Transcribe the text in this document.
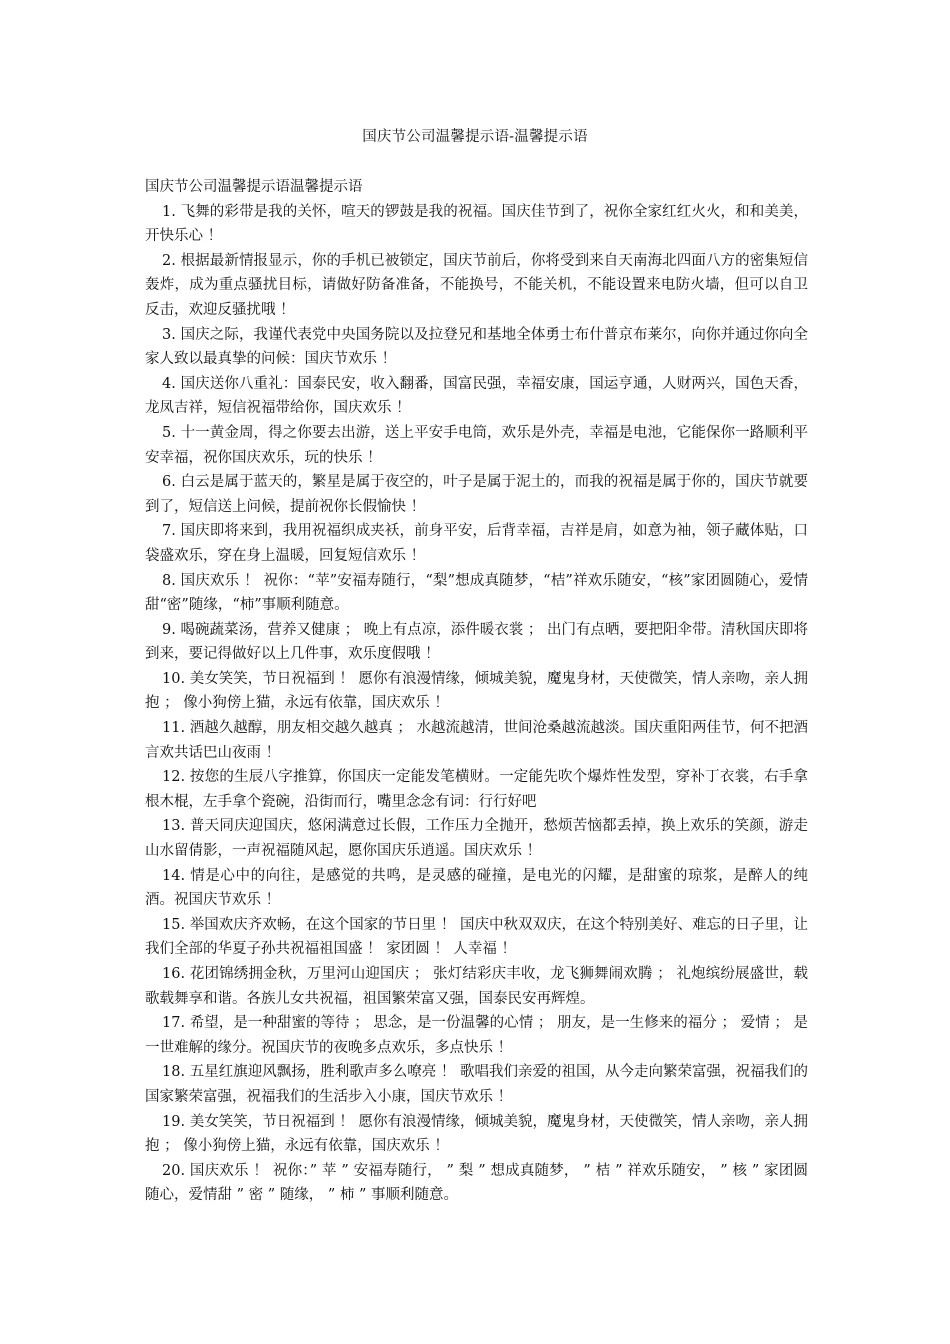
国庆节公司温馨提示语-温馨提示语

国庆节公司温馨提示语温馨提示语

1. 飞舞的彩带是我的关怀，喧天的锣鼓是我的祝福。国庆佳节到了，祝你全家红红火火，和和美美，开快乐心 ！

2. 根据最新情报显示，你的手机已被锁定，国庆节前后，你将受到来自天南海北四面八方的密集短信轰炸，成为重点骚扰目标，请做好防备准备，不能换号，不能关机，不能设置来电防火墙，但可以自卫反击，欢迎反骚扰哦 ！

3. 国庆之际，我谨代表党中央国务院以及拉登兄和基地全体勇士布什普京布莱尔，向你并通过你向全家人致以最真挚的问候：国庆节欢乐 ！

4. 国庆送你八重礼：国泰民安，收入翻番，国富民强，幸福安康，国运亨通，人财两兴，国色天香，龙凤吉祥，短信祝福带给你，国庆欢乐 ！

5. 十一黄金周，得之你要去出游，送上平安手电筒，欢乐是外壳，幸福是电池，它能保你一路顺利平安幸福，祝你国庆欢乐，玩的快乐 ！

6. 白云是属于蓝天的，繁星是属于夜空的，叶子是属于泥土的，而我的祝福是属于你的，国庆节就要到了，短信送上问候，提前祝你长假愉快 ！

7. 国庆即将来到，我用祝福织成夹袄，前身平安，后背幸福，吉祥是肩，如意为袖，领子藏体贴，口袋盛欢乐，穿在身上温暖，回复短信欢乐 ！

8. 国庆欢乐 ！ 祝你：“苹”安福寿随行，“梨”想成真随梦，“桔”祥欢乐随安，“核”家团圆随心，爱情甜“密”随缘，“柿”事顺利随意。

9. 喝碗蔬菜汤，营养又健康 ； 晚上有点凉，添件暖衣裳 ； 出门有点晒，要把阳伞带。清秋国庆即将到来，要记得做好以上几件事，欢乐度假哦 ！

10. 美女笑笑，节日祝福到 ！ 愿你有浪漫情缘，倾城美貌，魔鬼身材，天使微笑，情人亲吻，亲人拥抱 ； 像小狗傍上猫，永远有依靠，国庆欢乐 ！

11. 酒越久越醇，朋友相交越久越真 ； 水越流越清，世间沧桑越流越淡。国庆重阳两佳节，何不把酒言欢共话巴山夜雨 ！

12. 按您的生辰八字推算，你国庆一定能发笔横财。一定能先吹个爆炸性发型，穿补丁衣裳，右手拿根木棍，左手拿个瓷碗，沿街而行，嘴里念念有词：行行好吧

13. 普天同庆迎国庆，悠闲满意过长假，工作压力全抛开，愁烦苦恼都丢掉，换上欢乐的笑颜，游走山水留倩影，一声祝福随风起，愿你国庆乐逍遥。国庆欢乐 ！

14. 情是心中的向往，是感觉的共鸣，是灵感的碰撞，是电光的闪耀，是甜蜜的琼浆，是醉人的纯酒。祝国庆节欢乐 ！

15. 举国欢庆齐欢畅，在这个国家的节日里 ！ 国庆中秋双双庆，在这个特别美好、难忘的日子里，让我们全部的华夏子孙共祝福祖国盛 ！ 家团圆 ！ 人幸福 ！

16. 花团锦绣拥金秋，万里河山迎国庆 ； 张灯结彩庆丰收，龙飞狮舞闹欢腾 ； 礼炮缤纷展盛世，载歌载舞享和谐。各族儿女共祝福，祖国繁荣富又强，国泰民安再辉煌。

17. 希望，是一种甜蜜的等待 ； 思念，是一份温馨的心情 ； 朋友，是一生修来的福分 ； 爱情 ； 是一世难解的缘分。祝国庆节的夜晚多点欢乐，多点快乐 ！

18. 五星红旗迎风飘扬，胜利歌声多么嘹亮 ！ 歌唱我们亲爱的祖国，从今走向繁荣富强，祝福我们的国家繁荣富强，祝福我们的生活步入小康，国庆节欢乐 ！

19. 美女笑笑，节日祝福到 ！ 愿你有浪漫情缘，倾城美貌，魔鬼身材，天使微笑，情人亲吻，亲人拥抱 ； 像小狗傍上猫，永远有依靠，国庆欢乐 ！

20. 国庆欢乐 ！ 祝你：” 苹 ” 安福寿随行， ” 梨 ” 想成真随梦， ” 桔 ” 祥欢乐随安， ” 核 ” 家团圆随心，爱情甜 ” 密 ” 随缘， ” 柿 ” 事顺利随意。
